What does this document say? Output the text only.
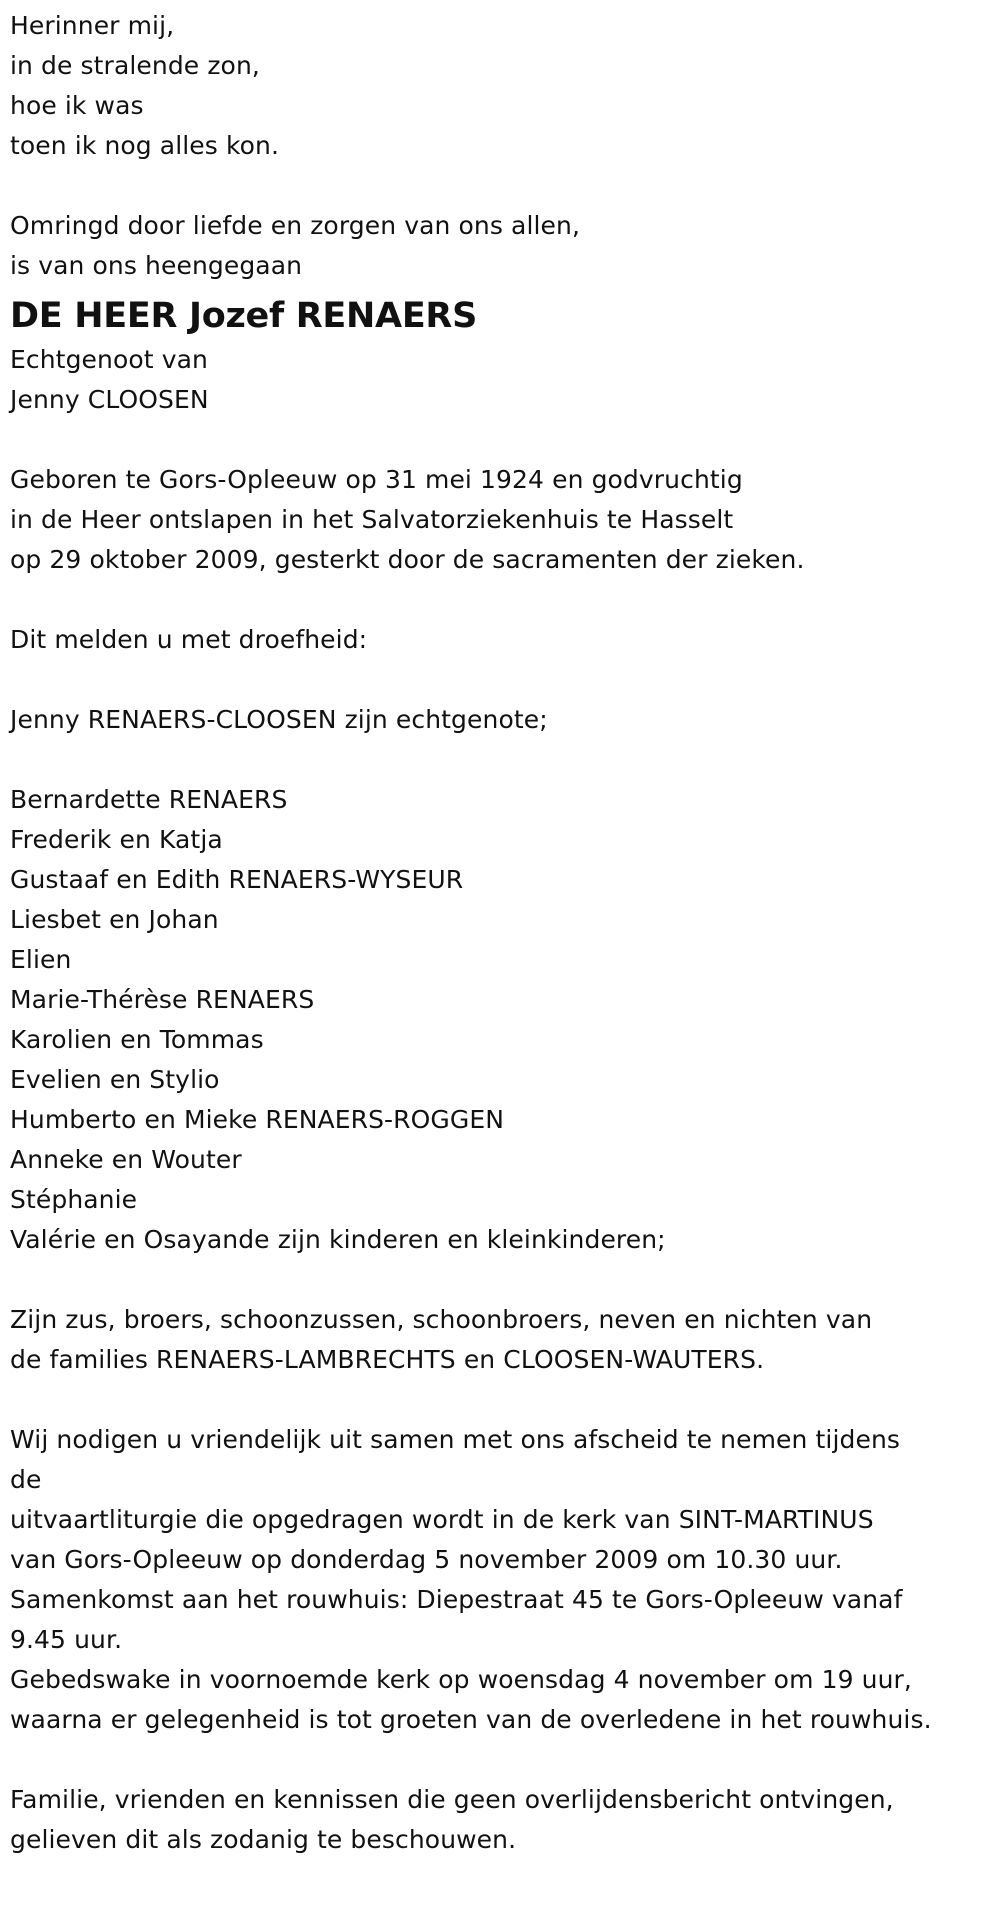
Herinner mij,
in de stralende zon,
hoe ik was
toen ik nog alles kon.
Omringd door liefde en zorgen van ons allen,
is van ons heengegaan
DE HEER Jozef RENAERS
Echtgenoot van
Jenny CLOOSEN
Geboren te Gors-Opleeuw op 31 mei 1924 en godvruchtig
in de Heer ontslapen in het Salvatorziekenhuis te Hasselt
op 29 oktober 2009, gesterkt door de sacramenten der zieken.
Dit melden u met droefheid:
Jenny RENAERS-CLOOSEN zijn echtgenote;
Bernardette RENAERS
Frederik en Katja
Gustaaf en Edith RENAERS-WYSEUR
Liesbet en Johan
Elien
Marie-Thérèse RENAERS
Karolien en Tommas
Evelien en Stylio
Humberto en Mieke RENAERS-ROGGEN
Anneke en Wouter
Stéphanie
Valérie en Osayande zijn kinderen en kleinkinderen;
Zijn zus, broers, schoonzussen, schoonbroers, neven en nichten van
de families RENAERS-LAMBRECHTS en CLOOSEN-WAUTERS.
Wij nodigen u vriendelijk uit samen met ons afscheid te nemen tijdens
de
uitvaartliturgie die opgedragen wordt in de kerk van SINT-MARTINUS
van Gors-Opleeuw op donderdag 5 november 2009 om 10.30 uur.
Samenkomst aan het rouwhuis: Diepestraat 45 te Gors-Opleeuw vanaf
9.45 uur.
Gebedswake in voornoemde kerk op woensdag 4 november om 19 uur,
waarna er gelegenheid is tot groeten van de overledene in het rouwhuis.
Familie, vrienden en kennissen die geen overlijdensbericht ontvingen,
gelieven dit als zodanig te beschouwen.
